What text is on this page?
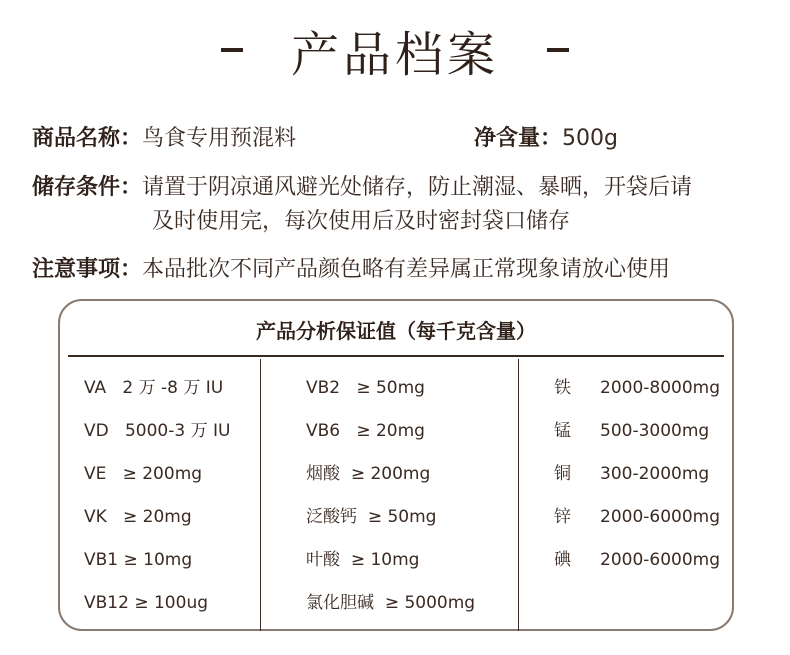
产品档案
商品名称：鸟食专用预混料	净含量：500g
储存条件：请置于阴凉通风避光处储存，防止潮湿、暴晒，开袋后请
及时使用完，每次使用后及时密封袋口储存
注意事项：本品批次不同产品颜色略有差异属正常现象请放心使用
产品分析保证值（每千克含量）
VA 2 万 -8 万 IU
VD 5000-3 万 IU
VE ≥ 200mg
VK ≥ 20mg
VB1 ≥ 10mg
VB12 ≥ 100ug
VB2 ≥ 50mg
VB6 ≥ 20mg
烟酸 ≥ 200mg
泛酸钙 ≥ 50mg
叶酸 ≥ 10mg
氯化胆碱 ≥ 5000mg
铁 2000-8000mg
锰 500-3000mg
铜 300-2000mg
锌 2000-6000mg
碘 2000-6000mg
